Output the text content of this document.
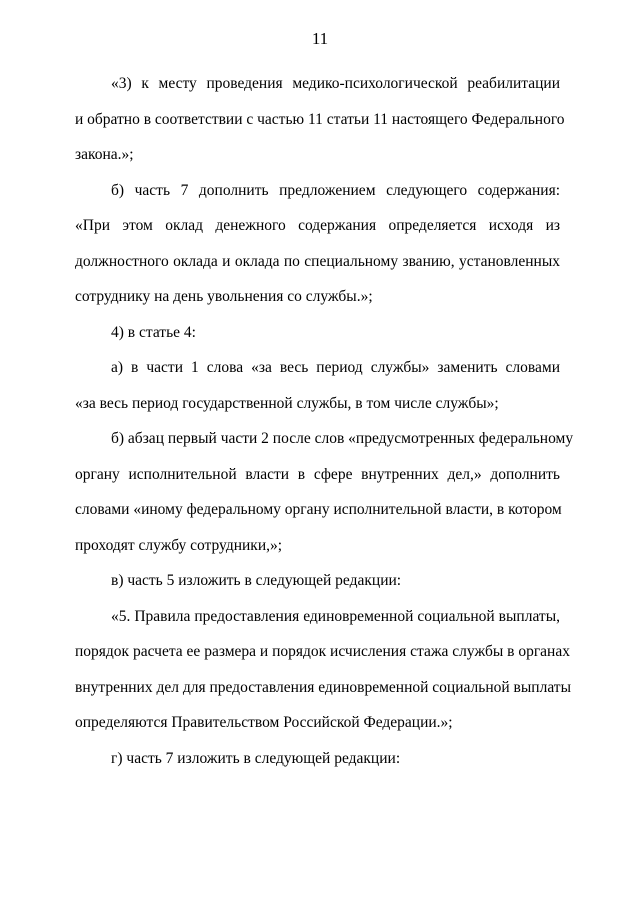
11
«3) к месту проведения медико-психологической реабилитации
и обратно в соответствии с частью 11 статьи 11 настоящего Федерального
закона.»;
б) часть 7 дополнить предложением следующего содержания:
«При этом оклад денежного содержания определяется исходя из
должностного оклада и оклада по специальному званию, установленных
сотруднику на день увольнения со службы.»;
4) в статье 4:
а) в части 1 слова «за весь период службы» заменить словами
«за весь период государственной службы, в том числе службы»;
б) абзац первый части 2 после слов «предусмотренных федеральному
органу исполнительной власти в сфере внутренних дел,» дополнить
словами «иному федеральному органу исполнительной власти, в котором
проходят службу сотрудники,»;
в) часть 5 изложить в следующей редакции:
«5. Правила предоставления единовременной социальной выплаты,
порядок расчета ее размера и порядок исчисления стажа службы в органах
внутренних дел для предоставления единовременной социальной выплаты
определяются Правительством Российской Федерации.»;
г) часть 7 изложить в следующей редакции:
